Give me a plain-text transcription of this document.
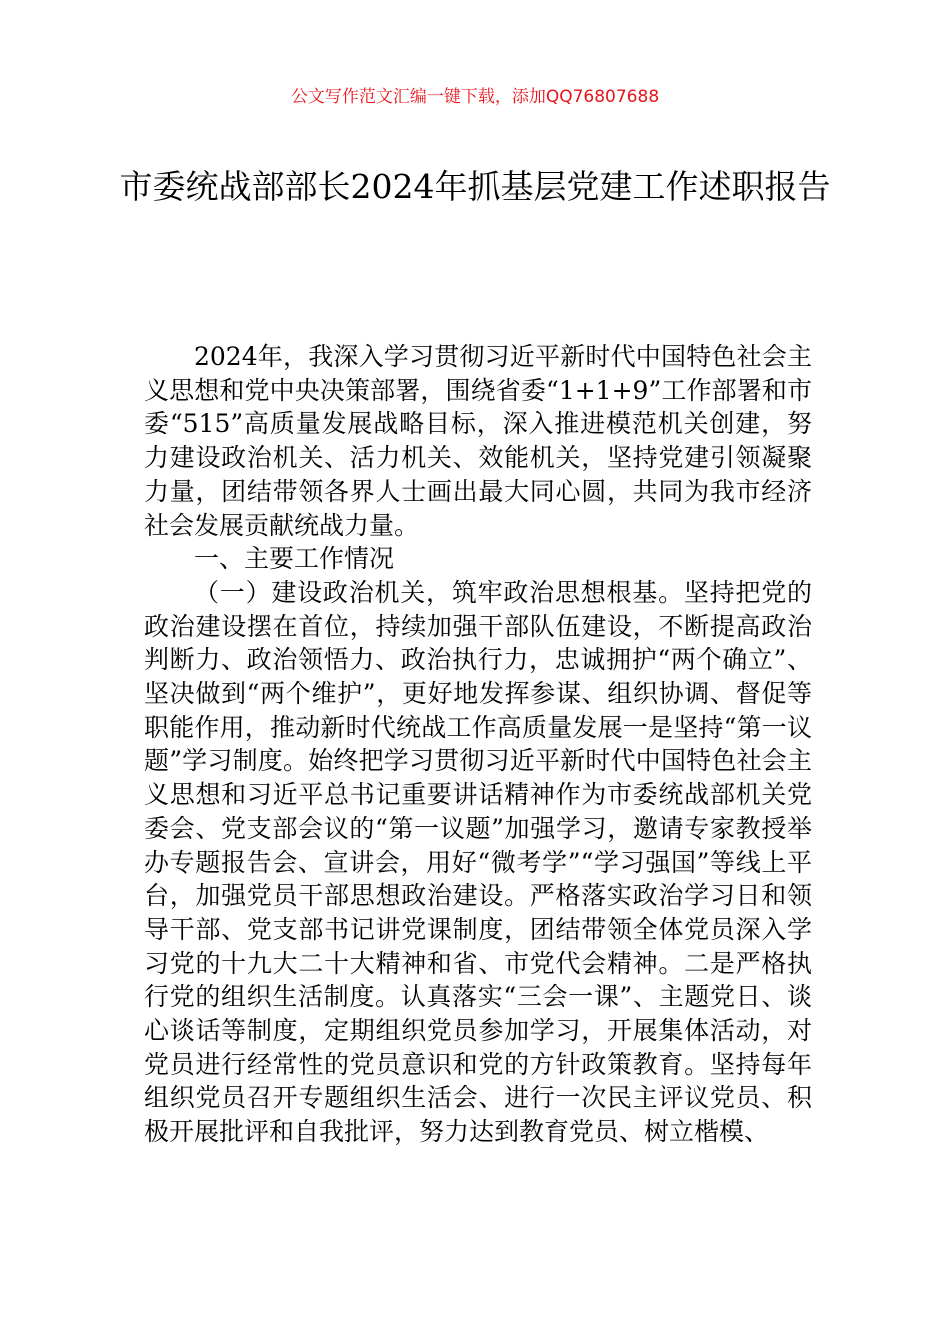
公文写作范文汇编一键下载，添加QQ76807688
市委统战部部长2024年抓基层党建工作述职报告

2024年，我深入学习贯彻习近平新时代中国特色社会主义思想和党中央决策部署，围绕省委“1+1+9”工作部署和市委“515”高质量发展战略目标，深入推进模范机关创建，努力建设政治机关、活力机关、效能机关，坚持党建引领凝聚力量，团结带领各界人士画出最大同心圆，共同为我市经济社会发展贡献统战力量。

一、主要工作情况

（一）建设政治机关，筑牢政治思想根基。坚持把党的政治建设摆在首位，持续加强干部队伍建设，不断提高政治判断力、政治领悟力、政治执行力，忠诚拥护“两个确立”、坚决做到“两个维护”，更好地发挥参谋、组织协调、督促等职能作用，推动新时代统战工作高质量发展一是坚持“第一议题”学习制度。始终把学习贯彻习近平新时代中国特色社会主义思想和习近平总书记重要讲话精神作为市委统战部机关党委会、党支部会议的“第一议题”加强学习，邀请专家教授举办专题报告会、宣讲会，用好“微考学”“学习强国”等线上平台，加强党员干部思想政治建设。严格落实政治学习日和领导干部、党支部书记讲党课制度，团结带领全体党员深入学习党的十九大二十大精神和省、市党代会精神。二是严格执行党的组织生活制度。认真落实“三会一课”、主题党日、谈心谈话等制度，定期组织党员参加学习，开展集体活动，对党员进行经常性的党员意识和党的方针政策教育。坚持每年组织党员召开专题组织生活会、进行一次民主评议党员、积极开展批评和自我批评，努力达到教育党员、树立楷模、
